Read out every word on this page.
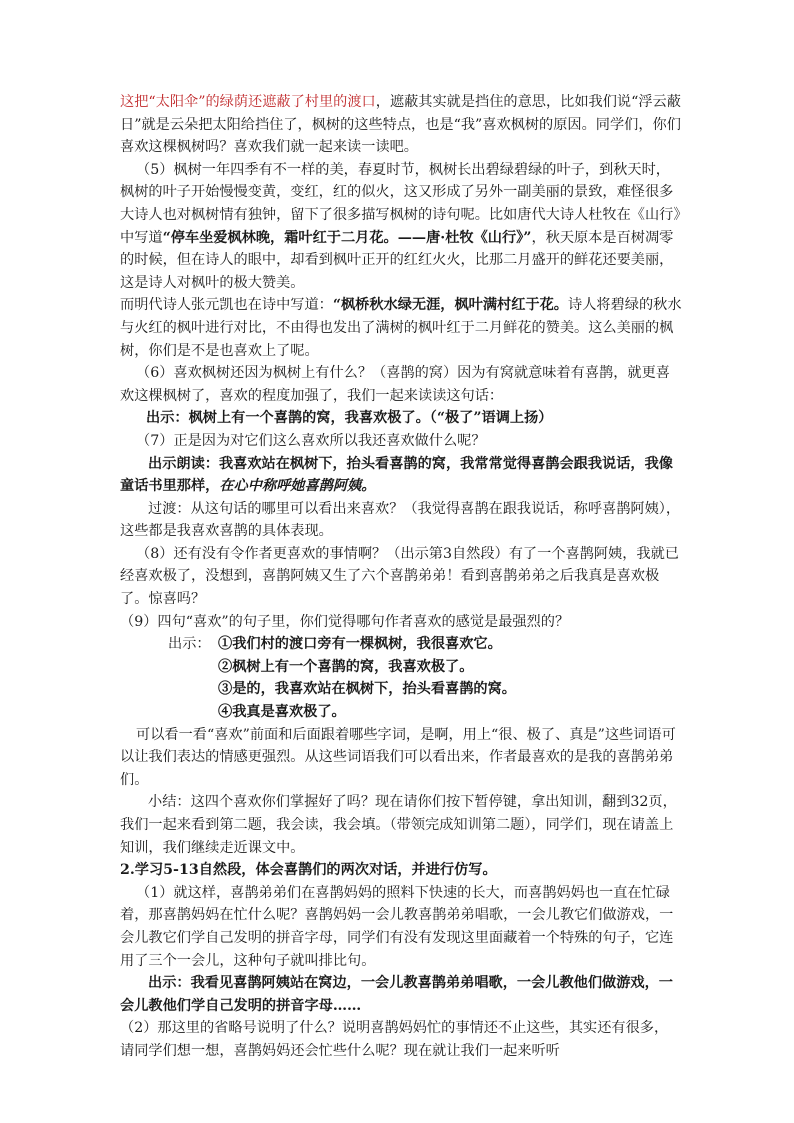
这把“太阳伞”的绿荫还遮蔽了村里的渡口，遮蔽其实就是挡住的意思，比如我们说“浮云蔽日”就是云朵把太阳给挡住了，枫树的这些特点，也是“我”喜欢枫树的原因。同学们，你们喜欢这棵枫树吗？喜欢我们就一起来读一读吧。

（5）枫树一年四季有不一样的美，春夏时节，枫树长出碧绿碧绿的叶子，到秋天时，枫树的叶子开始慢慢变黄，变红，红的似火，这又形成了另外一副美丽的景致，难怪很多大诗人也对枫树情有独钟，留下了很多描写枫树的诗句呢。比如唐代大诗人杜牧在《山行》中写道“停车坐爱枫林晚，霜叶红于二月花。——唐·杜牧《山行》”，秋天原本是百树凋零的时候，但在诗人的眼中，却看到枫叶正开的红红火火，比那二月盛开的鲜花还要美丽，这是诗人对枫叶的极大赞美。

而明代诗人张元凯也在诗中写道：“枫桥秋水绿无涯，枫叶满村红于花。诗人将碧绿的秋水与火红的枫叶进行对比，不由得也发出了满树的枫叶红于二月鲜花的赞美。这么美丽的枫树，你们是不是也喜欢上了呢。

（6）喜欢枫树还因为枫树上有什么？（喜鹊的窝）因为有窝就意味着有喜鹊，就更喜欢这棵枫树了，喜欢的程度加强了，我们一起来读读这句话：

出示：枫树上有一个喜鹊的窝，我喜欢极了。（“极了”语调上扬）

（7）正是因为对它们这么喜欢所以我还喜欢做什么呢？

出示朗读：我喜欢站在枫树下，抬头看喜鹊的窝，我常常觉得喜鹊会跟我说话，我像童话书里那样，在心中称呼她喜鹊阿姨。

过渡：从这句话的哪里可以看出来喜欢？（我觉得喜鹊在跟我说话，称呼喜鹊阿姨），这些都是我喜欢喜鹊的具体表现。

（8）还有没有令作者更喜欢的事情啊？（出示第3自然段）有了一个喜鹊阿姨，我就已经喜欢极了，没想到，喜鹊阿姨又生了六个喜鹊弟弟！看到喜鹊弟弟之后我真是喜欢极了。惊喜吗？

（9）四句“喜欢”的句子里，你们觉得哪句作者喜欢的感觉是最强烈的？

出示： ①我们村的渡口旁有一棵枫树，我很喜欢它。
②枫树上有一个喜鹊的窝，我喜欢极了。
③是的，我喜欢站在枫树下，抬头看喜鹊的窝。
④我真是喜欢极了。

可以看一看“喜欢”前面和后面跟着哪些字词，是啊，用上“很、极了、真是”这些词语可以让我们表达的情感更强烈。从这些词语我们可以看出来，作者最喜欢的是我的喜鹊弟弟们。

小结：这四个喜欢你们掌握好了吗？现在请你们按下暂停键，拿出知训，翻到32页，我们一起来看到第二题，我会读，我会填。（带领完成知训第二题），同学们，现在请盖上知训，我们继续走近课文中。

2.学习5-13自然段，体会喜鹊们的两次对话，并进行仿写。

（1）就这样，喜鹊弟弟们在喜鹊妈妈的照料下快速的长大，而喜鹊妈妈也一直在忙碌着，那喜鹊妈妈在忙什么呢？喜鹊妈妈一会儿教喜鹊弟弟唱歌，一会儿教它们做游戏，一会儿教它们学自己发明的拼音字母，同学们有没有发现这里面藏着一个特殊的句子，它连用了三个一会儿，这种句子就叫排比句。

出示：我看见喜鹊阿姨站在窝边，一会儿教喜鹊弟弟唱歌，一会儿教他们做游戏，一会儿教他们学自己发明的拼音字母……

（2）那这里的省略号说明了什么？说明喜鹊妈妈忙的事情还不止这些，其实还有很多，请同学们想一想，喜鹊妈妈还会忙些什么呢？现在就让我们一起来听听
